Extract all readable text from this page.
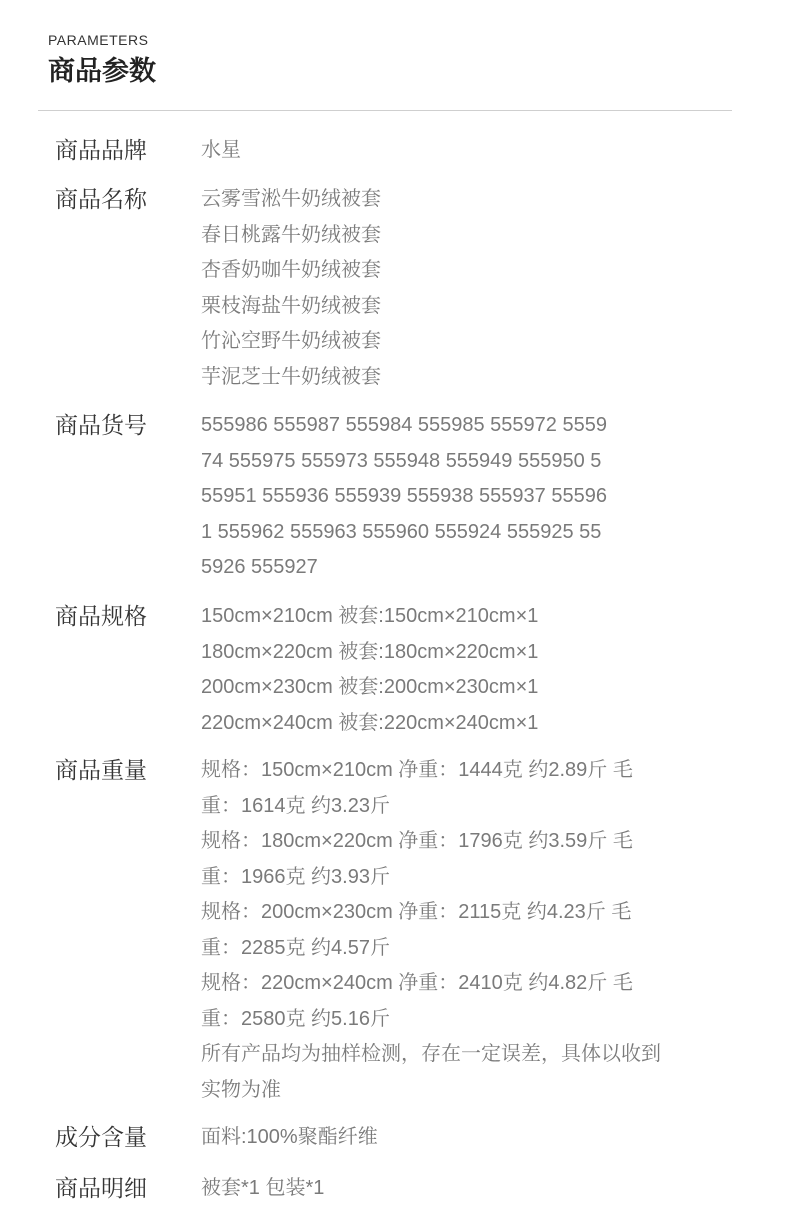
PARAMETERS
商品参数
商品品牌	水星
商品名称	云雾雪淞牛奶绒被套
春日桃露牛奶绒被套
杏香奶咖牛奶绒被套
栗枝海盐牛奶绒被套
竹沁空野牛奶绒被套
芋泥芝士牛奶绒被套
商品货号	555986 555987 555984 555985 555972 5559
74 555975 555973 555948 555949 555950 5
55951 555936 555939 555938 555937 55596
1 555962 555963 555960 555924 555925 55
5926 555927
商品规格	150cm×210cm 被套:150cm×210cm×1
180cm×220cm 被套:180cm×220cm×1
200cm×230cm 被套:200cm×230cm×1
220cm×240cm 被套:220cm×240cm×1
商品重量	规格：150cm×210cm 净重：1444克 约2.89斤 毛
重：1614克 约3.23斤
规格：180cm×220cm 净重：1796克 约3.59斤 毛
重：1966克 约3.93斤
规格：200cm×230cm 净重：2115克 约4.23斤 毛
重：2285克 约4.57斤
规格：220cm×240cm 净重：2410克 约4.82斤 毛
重：2580克 约5.16斤
所有产品均为抽样检测，存在一定误差，具体以收到
实物为准
成分含量	面料:100%聚酯纤维
商品明细	被套*1 包装*1
